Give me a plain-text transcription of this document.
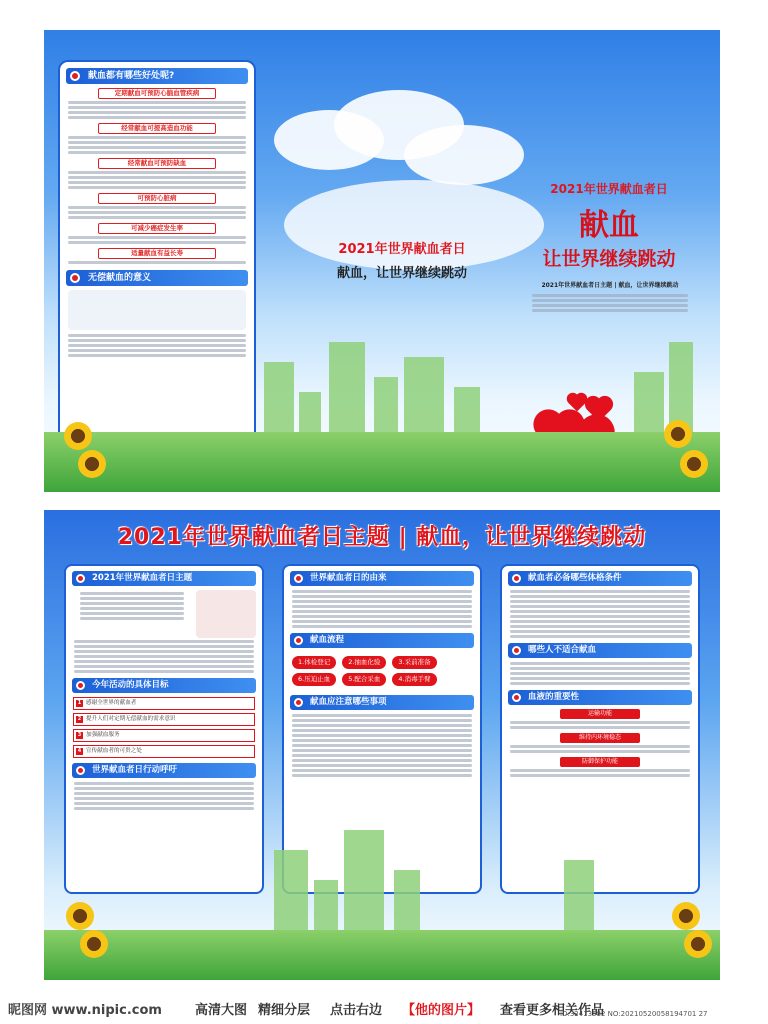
献血都有哪些好处呢?
定期献血可预防心脑血管疾病
经常献血可提高造血功能
经常献血可预防缺血
可预防心脏病
可减少癌症发生率
适量献血有益长寿
无偿献血的意义
2021年世界献血者日
献血，让世界继续跳动
2021年世界献血者日
献血
让世界继续跳动
2021年世界献血者日主题 | 献血，让世界继续跳动
2021年世界献血者日主题 | 献血，让世界继续跳动
2021年世界献血者日主题
今年活动的具体目标
1 感谢全世界的献血者
2 提升人们对定期无偿献血的需求意识
3 加强献血服务
4 宣传献血者的可贵之处
世界献血者日行动呼吁
世界献血者日的由来
献血流程
1.体检登记	2.抽血化验	3.采前准备
6.压迫止血	5.配合采血	4.消毒手臂
献血应注意哪些事项
献血者必备哪些体格条件
哪些人不适合献血
血液的重要性
运输功能
维持内环境稳态
防御保护功能
昵图网 www.nipic.com	高清大图 精细分层 点击右边 【他的图片】 查看更多相关作品
ID:32413582 NO:20210520058194701 27
